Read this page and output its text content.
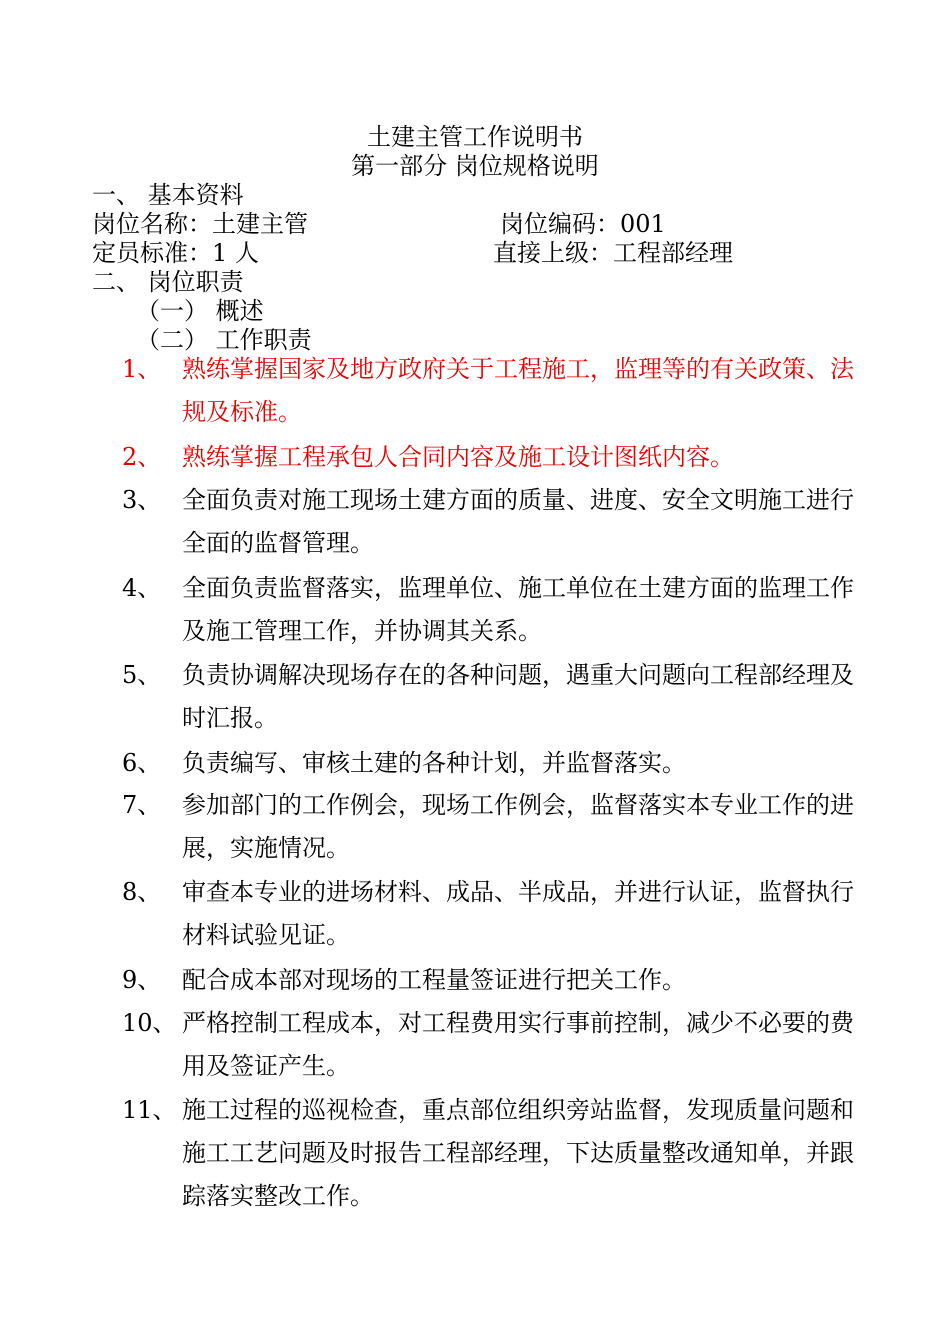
土建主管工作说明书
第一部分 岗位规格说明
一、 基本资料
岗位名称：土建主管	岗位编码：001
定员标准：1 人	直接上级：工程部经理
二、 岗位职责
（一） 概述
（二） 工作职责
1、 熟练掌握国家及地方政府关于工程施工，监理等的有关政策、法规及标准。
2、 熟练掌握工程承包人合同内容及施工设计图纸内容。
3、 全面负责对施工现场土建方面的质量、进度、安全文明施工进行全面的监督管理。
4、 全面负责监督落实，监理单位、施工单位在土建方面的监理工作及施工管理工作，并协调其关系。
5、 负责协调解决现场存在的各种问题，遇重大问题向工程部经理及时汇报。
6、 负责编写、审核土建的各种计划，并监督落实。
7、 参加部门的工作例会，现场工作例会，监督落实本专业工作的进展，实施情况。
8、 审查本专业的进场材料、成品、半成品，并进行认证，监督执行材料试验见证。
9、 配合成本部对现场的工程量签证进行把关工作。
10、 严格控制工程成本，对工程费用实行事前控制，减少不必要的费用及签证产生。
11、 施工过程的巡视检查，重点部位组织旁站监督，发现质量问题和施工工艺问题及时报告工程部经理，下达质量整改通知单，并跟踪落实整改工作。
